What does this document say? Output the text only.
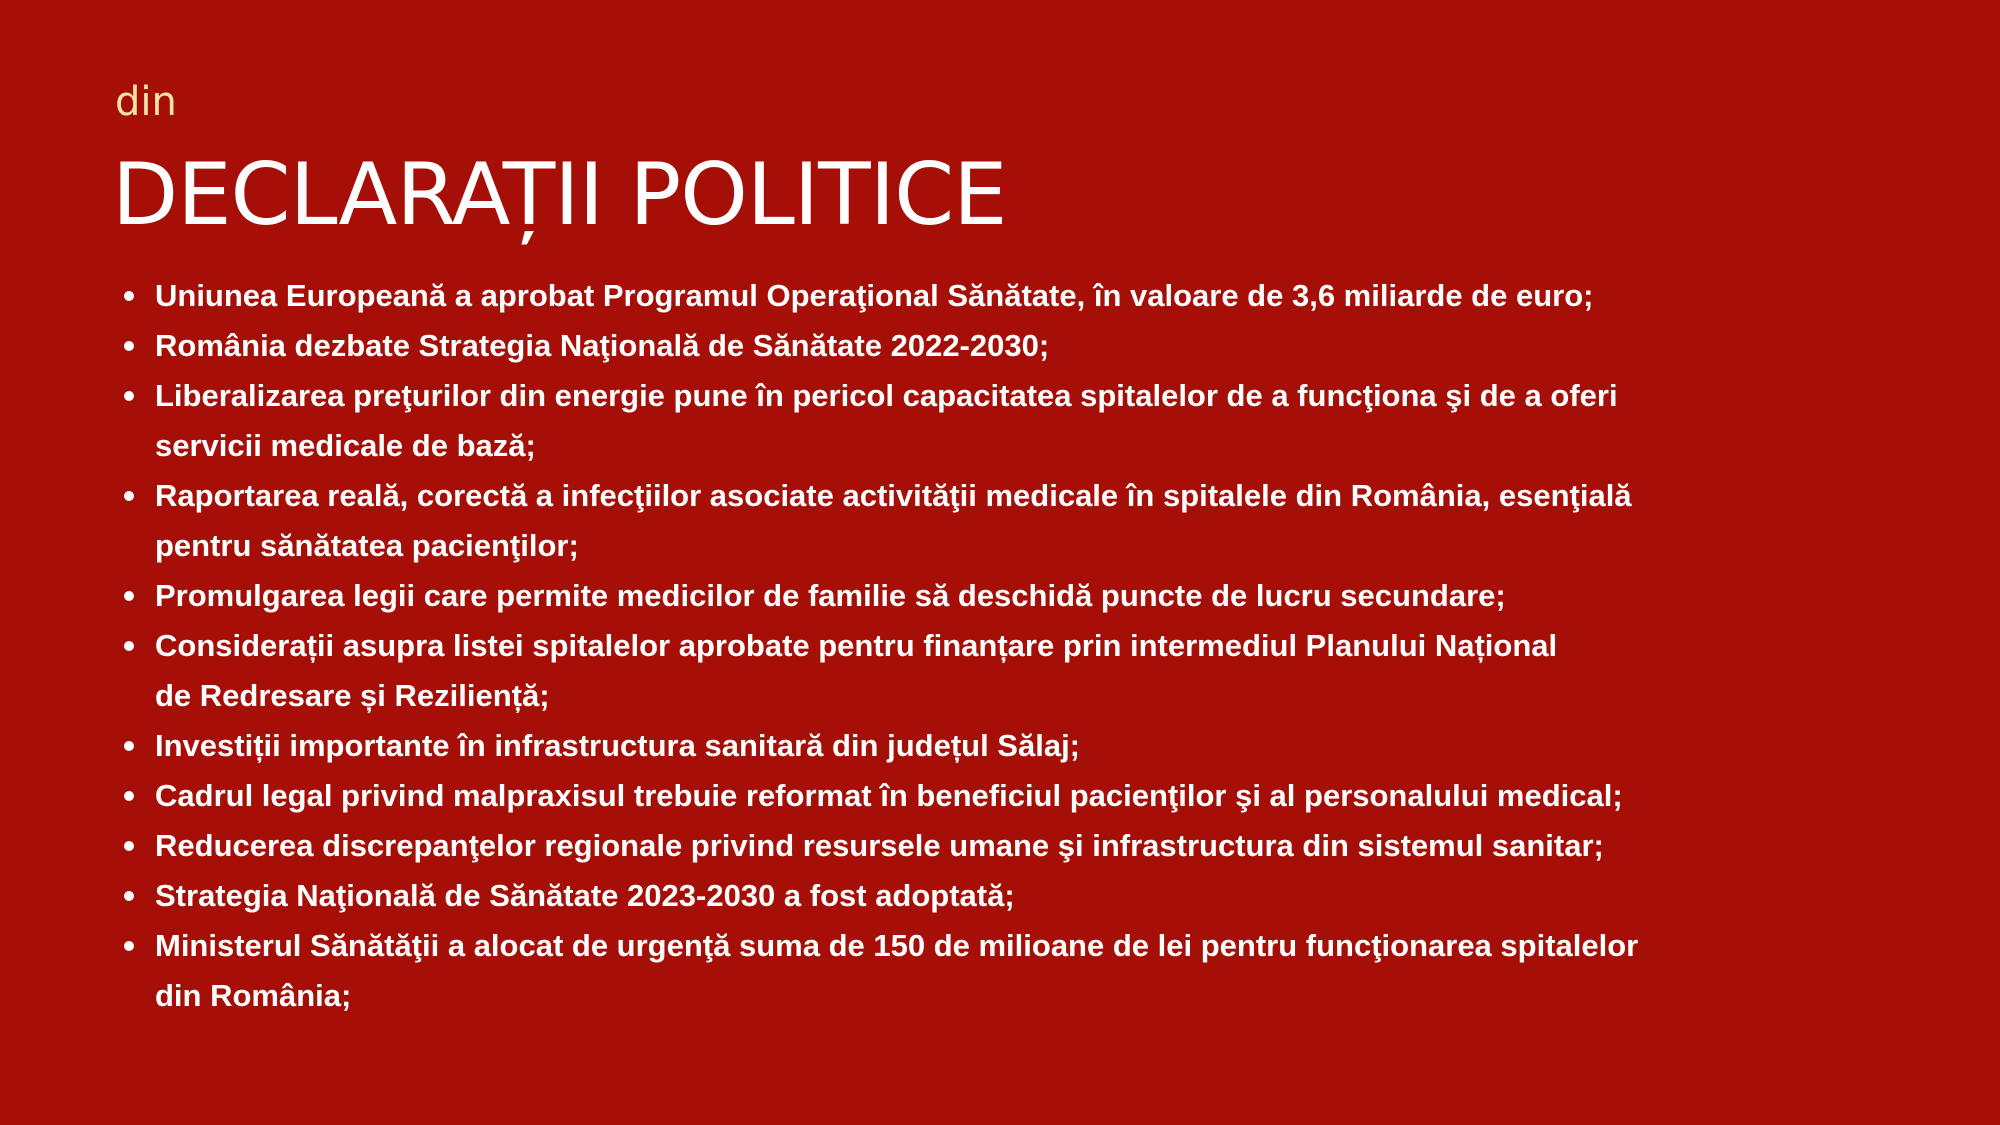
din

DECLARAȚII POLITICE
Uniunea Europeană a aprobat Programul Operaţional Sănătate, în valoare de 3,6 miliarde de euro;
România dezbate Strategia Naţională de Sănătate 2022-2030;
Liberalizarea preţurilor din energie pune în pericol capacitatea spitalelor de a funcţiona şi de a oferi
servicii medicale de bază;
Raportarea reală, corectă a infecţiilor asociate activităţii medicale în spitalele din România, esenţială
pentru sănătatea pacienţilor;
Promulgarea legii care permite medicilor de familie să deschidă puncte de lucru secundare;
Considerații asupra listei spitalelor aprobate pentru finanțare prin intermediul Planului Național
de Redresare și Reziliență;
Investiții importante în infrastructura sanitară din județul Sălaj;
Cadrul legal privind malpraxisul trebuie reformat în beneficiul pacienţilor şi al personalului medical;
Reducerea discrepanţelor regionale privind resursele umane şi infrastructura din sistemul sanitar;
Strategia Naţională de Sănătate 2023-2030 a fost adoptată;
Ministerul Sănătăţii a alocat de urgenţă suma de 150 de milioane de lei pentru funcţionarea spitalelor
din România;
